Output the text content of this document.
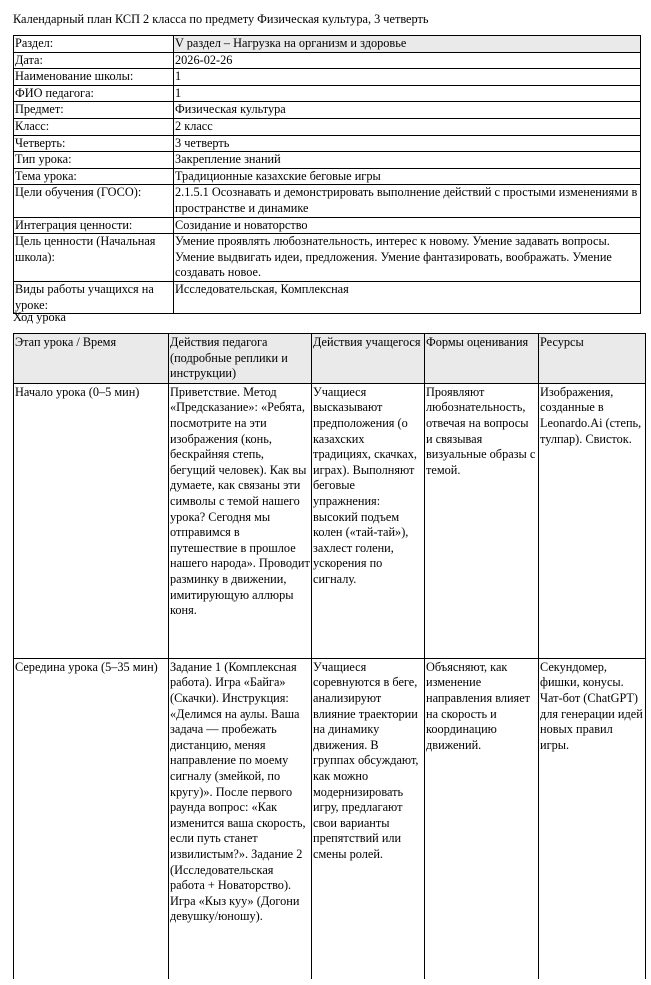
Календарный план КСП 2 класса по предмету Физическая культура, 3 четверть
Раздел:	V раздел – Нагрузка на организм и здоровье
Дата:	2026-02-26
Наименование школы:	1
ФИО педагога:	1
Предмет:	Физическая культура
Класс:	2 класс
Четверть:	3 четверть
Тип урока:	Закрепление знаний
Тема урока:	Традиционные казахские беговые игры
Цели обучения (ГОСО):	2.1.5.1 Осознавать и демонстрировать выполнение действий с простыми изменениями в пространстве и динамике
Интеграция ценности:	Созидание и новаторство
Цель ценности (Начальная школа):	Умение проявлять любознательность, интерес к новому. Умение задавать вопросы. Умение выдвигать идеи, предложения. Умение фантазировать, воображать. Умение создавать новое.
Виды работы учащихся на уроке:	Исследовательская, Комплексная
Ход урока
Этап урока / Время	Действия педагога (подробные реплики и инструкции)	Действия учащегося	Формы оценивания	Ресурсы
Начало урока (0–5 мин)	Приветствие. Метод «Предсказание»: «Ребята, посмотрите на эти изображения (конь, бескрайняя степь, бегущий человек). Как вы думаете, как связаны эти символы с темой нашего урока? Сегодня мы отправимся в путешествие в прошлое нашего народа». Проводит разминку в движении, имитирующую аллюры коня.	Учащиеся высказывают предположения (о казахских традициях, скачках, играх). Выполняют беговые упражнения: высокий подъем колен («тай-тай»), захлест голени, ускорения по сигналу.	Проявляют любознательность, отвечая на вопросы и связывая визуальные образы с темой.	Изображения, созданные в Leonardo.Ai (степь, тулпар). Свисток.
Середина урока (5–35 мин)	Задание 1 (Комплексная работа). Игра «Байга» (Скачки). Инструкция: «Делимся на аулы. Ваша задача — пробежать дистанцию, меняя направление по моему сигналу (змейкой, по кругу)». После первого раунда вопрос: «Как изменится ваша скорость, если путь станет извилистым?». Задание 2 (Исследовательская работа + Новаторство). Игра «Кыз куу» (Догони девушку/юношу).	Учащиеся соревнуются в беге, анализируют влияние траектории на динамику движения. В группах обсуждают, как можно модернизировать игру, предлагают свои варианты препятствий или смены ролей.	Объясняют, как изменение направления влияет на скорость и координацию движений.	Секундомер, фишки, конусы. Чат-бот (ChatGPT) для генерации идей новых правил игры.
